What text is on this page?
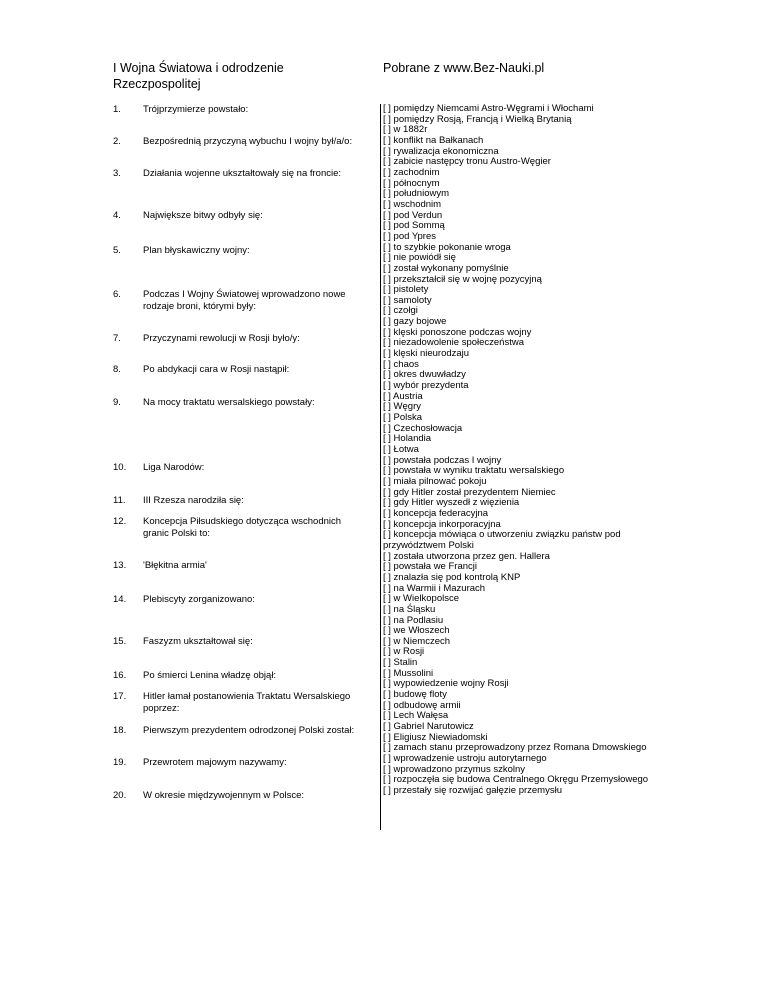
I Wojna Światowa i odrodzenie
Rzeczpospolitej
Pobrane z www.Bez-Nauki.pl
1. Trójprzymierze powstało:
2. Bezpośrednią przyczyną wybuchu I wojny był/a/o:
3. Działania wojenne ukształtowały się na froncie:
4. Największe bitwy odbyły się:
5. Plan błyskawiczny wojny:
6. Podczas I Wojny Światowej wprowadzono nowe rodzaje broni, którymi były:
7. Przyczynami rewolucji w Rosji było/y:
8. Po abdykacji cara w Rosji nastąpił:
9. Na mocy traktatu wersalskiego powstały:
10. Liga Narodów:
11. III Rzesza narodziła się:
12. Koncepcja Piłsudskiego dotycząca wschodnich granic Polski to:
13. 'Błękitna armia'
14. Plebiscyty zorganizowano:
15. Faszyzm ukształtował się:
16. Po śmierci Lenina władzę objął:
17. Hitler łamał postanowienia Traktatu Wersalskiego poprzez:
18. Pierwszym prezydentem odrodzonej Polski został:
19. Przewrotem majowym nazywamy:
20. W okresie międzywojennym w Polsce:
[ ] pomiędzy Niemcami Astro-Węgrami i Włochami
[ ] pomiędzy Rosją, Francją i Wielką Brytanią
[ ] w 1882r
[ ] konflikt na Bałkanach
[ ] rywalizacja ekonomiczna
[ ] zabicie następcy tronu Austro-Węgier
[ ] zachodnim
[ ] północnym
[ ] południowym
[ ] wschodnim
[ ] pod Verdun
[ ] pod Sommą
[ ] pod Ypres
[ ] to szybkie pokonanie wroga
[ ] nie powiódł się
[ ] został wykonany pomyślnie
[ ] przekształcił się w wojnę pozycyjną
[ ] pistolety
[ ] samoloty
[ ] czołgi
[ ] gazy bojowe
[ ] klęski ponoszone podczas wojny
[ ] niezadowolenie społeczeństwa
[ ] klęski nieurodzaju
[ ] chaos
[ ] okres dwuwładzy
[ ] wybór prezydenta
[ ] Austria
[ ] Węgry
[ ] Polska
[ ] Czechosłowacja
[ ] Holandia
[ ] Łotwa
[ ] powstała podczas I wojny
[ ] powstała w wyniku traktatu wersalskiego
[ ] miała pilnować pokoju
[ ] gdy Hitler został prezydentem Niemiec
[ ] gdy Hitler wyszedł z więzienia
[ ] koncepcja federacyjna
[ ] koncepcja inkorporacyjna
[ ] koncepcja mówiąca o utworzeniu związku państw pod przywództwem Polski
[ ] została utworzona przez gen. Hallera
[ ] powstała we Francji
[ ] znalazła się pod kontrolą KNP
[ ] na Warmii i Mazurach
[ ] w Wielkopolsce
[ ] na Śląsku
[ ] na Podlasiu
[ ] we Włoszech
[ ] w Niemczech
[ ] w Rosji
[ ] Stalin
[ ] Mussolini
[ ] wypowiedzenie wojny Rosji
[ ] budowę floty
[ ] odbudowę armii
[ ] Lech Wałęsa
[ ] Gabriel Narutowicz
[ ] Eligiusz Niewiadomski
[ ] zamach stanu przeprowadzony przez Romana Dmowskiego
[ ] wprowadzenie ustroju autorytarnego
[ ] wprowadzono przymus szkolny
[ ] rozpoczęła się budowa Centralnego Okręgu Przemysłowego
[ ] przestały się rozwijać gałęzie przemysłu
